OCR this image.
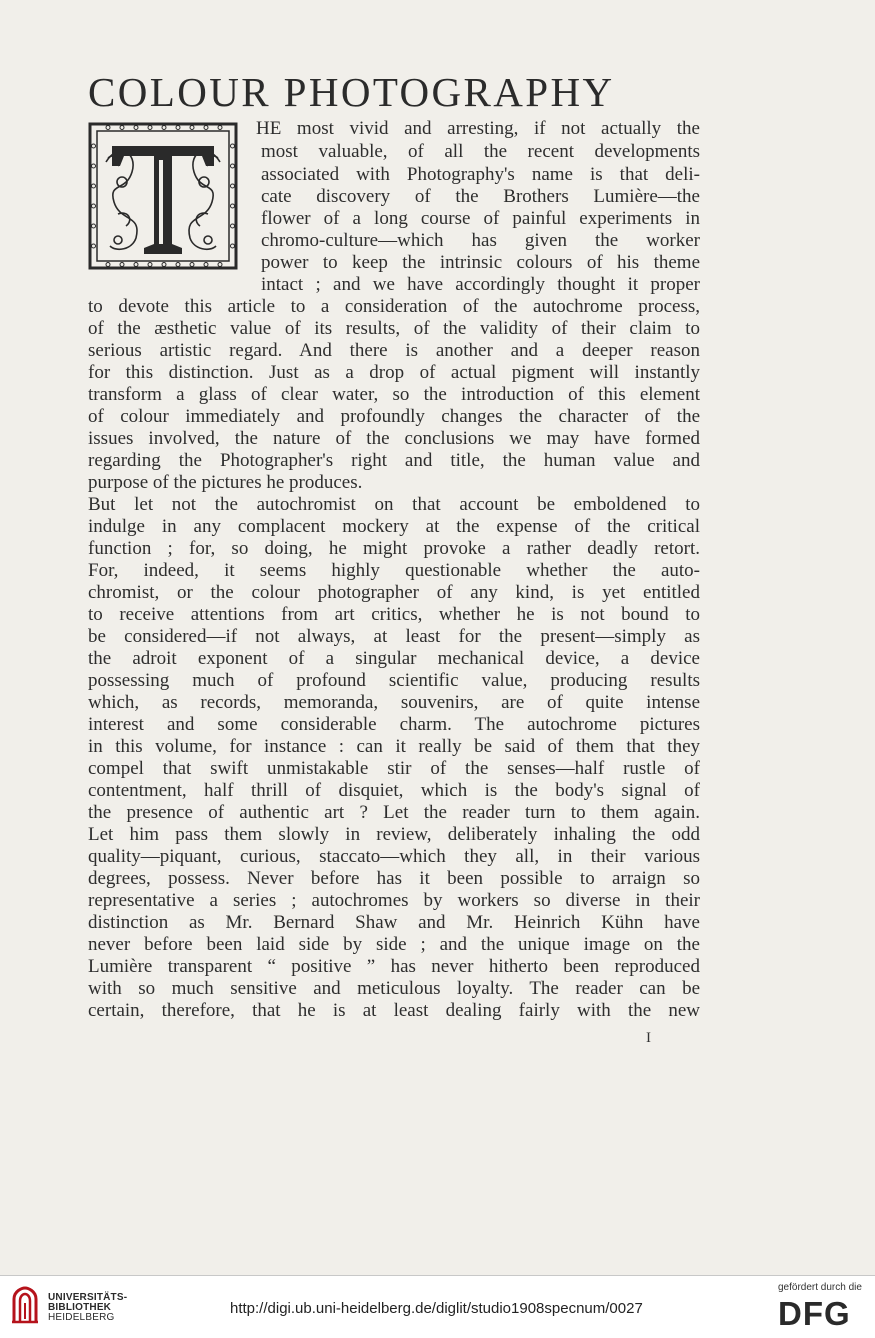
COLOUR PHOTOGRAPHY
HE most vivid and arresting, if not actually the
most valuable, of all the recent developments
associated with Photography's name is that deli-
cate discovery of the Brothers Lumière—the
flower of a long course of painful experiments in
chromo-culture—which has given the worker
power to keep the intrinsic colours of his theme
intact ; and we have accordingly thought it proper
to devote this article to a consideration of the autochrome process,
of the æsthetic value of its results, of the validity of their claim to
serious artistic regard. And there is another and a deeper reason
for this distinction. Just as a drop of actual pigment will instantly
transform a glass of clear water, so the introduction of this element
of colour immediately and profoundly changes the character of the
issues involved, the nature of the conclusions we may have formed
regarding the Photographer's right and title, the human value and
purpose of the pictures he produces.
But let not the autochromist on that account be emboldened to
indulge in any complacent mockery at the expense of the critical
function ; for, so doing, he might provoke a rather deadly retort.
For, indeed, it seems highly questionable whether the auto-
chromist, or the colour photographer of any kind, is yet entitled
to receive attentions from art critics, whether he is not bound to
be considered—if not always, at least for the present—simply as
the adroit exponent of a singular mechanical device, a device
possessing much of profound scientific value, producing results
which, as records, memoranda, souvenirs, are of quite intense
interest and some considerable charm. The autochrome pictures
in this volume, for instance : can it really be said of them that they
compel that swift unmistakable stir of the senses—half rustle of
contentment, half thrill of disquiet, which is the body's signal of
the presence of authentic art ? Let the reader turn to them again.
Let him pass them slowly in review, deliberately inhaling the odd
quality—piquant, curious, staccato—which they all, in their various
degrees, possess. Never before has it been possible to arraign so
representative a series ; autochromes by workers so diverse in their
distinction as Mr. Bernard Shaw and Mr. Heinrich Kühn have
never before been laid side by side ; and the unique image on the
Lumière transparent “ positive ” has never hitherto been reproduced
with so much sensitive and meticulous loyalty. The reader can be
certain, therefore, that he is at least dealing fairly with the new
I
UNIVERSITÄTS-
BIBLIOTHEK
HEIDELBERG
http://digi.ub.uni-heidelberg.de/diglit/studio1908specnum/0027
gefördert durch die
DFG
